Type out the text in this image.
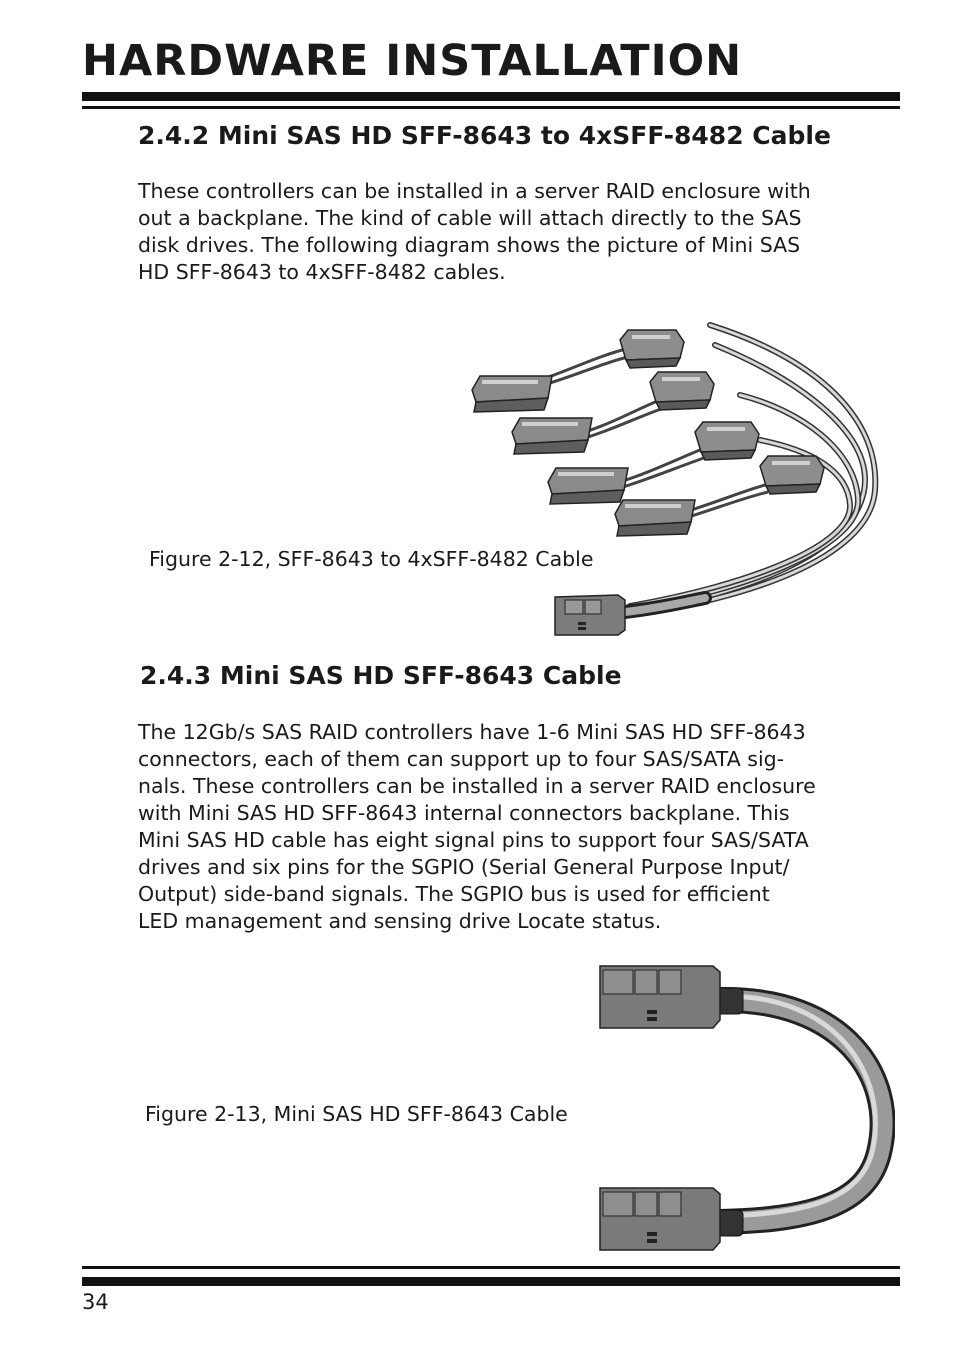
HARDWARE INSTALLATION
2.4.2 Mini SAS HD SFF-8643 to 4xSFF-8482 Cable
These controllers can be installed in a server RAID enclosure with
out a backplane. The kind of cable will attach directly to the SAS
disk drives. The following diagram shows the picture of Mini SAS
HD SFF-8643 to 4xSFF-8482 cables.
Figure 2-12, SFF-8643 to 4xSFF-8482 Cable
2.4.3 Mini SAS HD SFF-8643 Cable
The 12Gb/s SAS RAID controllers have 1-6 Mini SAS HD SFF-8643
connectors, each of them can support up to four SAS/SATA sig-
nals. These controllers can be installed in a server RAID enclosure
with Mini SAS HD SFF-8643 internal connectors backplane. This
Mini SAS HD cable has eight signal pins to support four SAS/SATA
drives and six pins for the SGPIO (Serial General Purpose Input/
Output) side-band signals. The SGPIO bus is used for efficient
LED management and sensing drive Locate status.
Figure 2-13, Mini SAS HD SFF-8643 Cable
34
